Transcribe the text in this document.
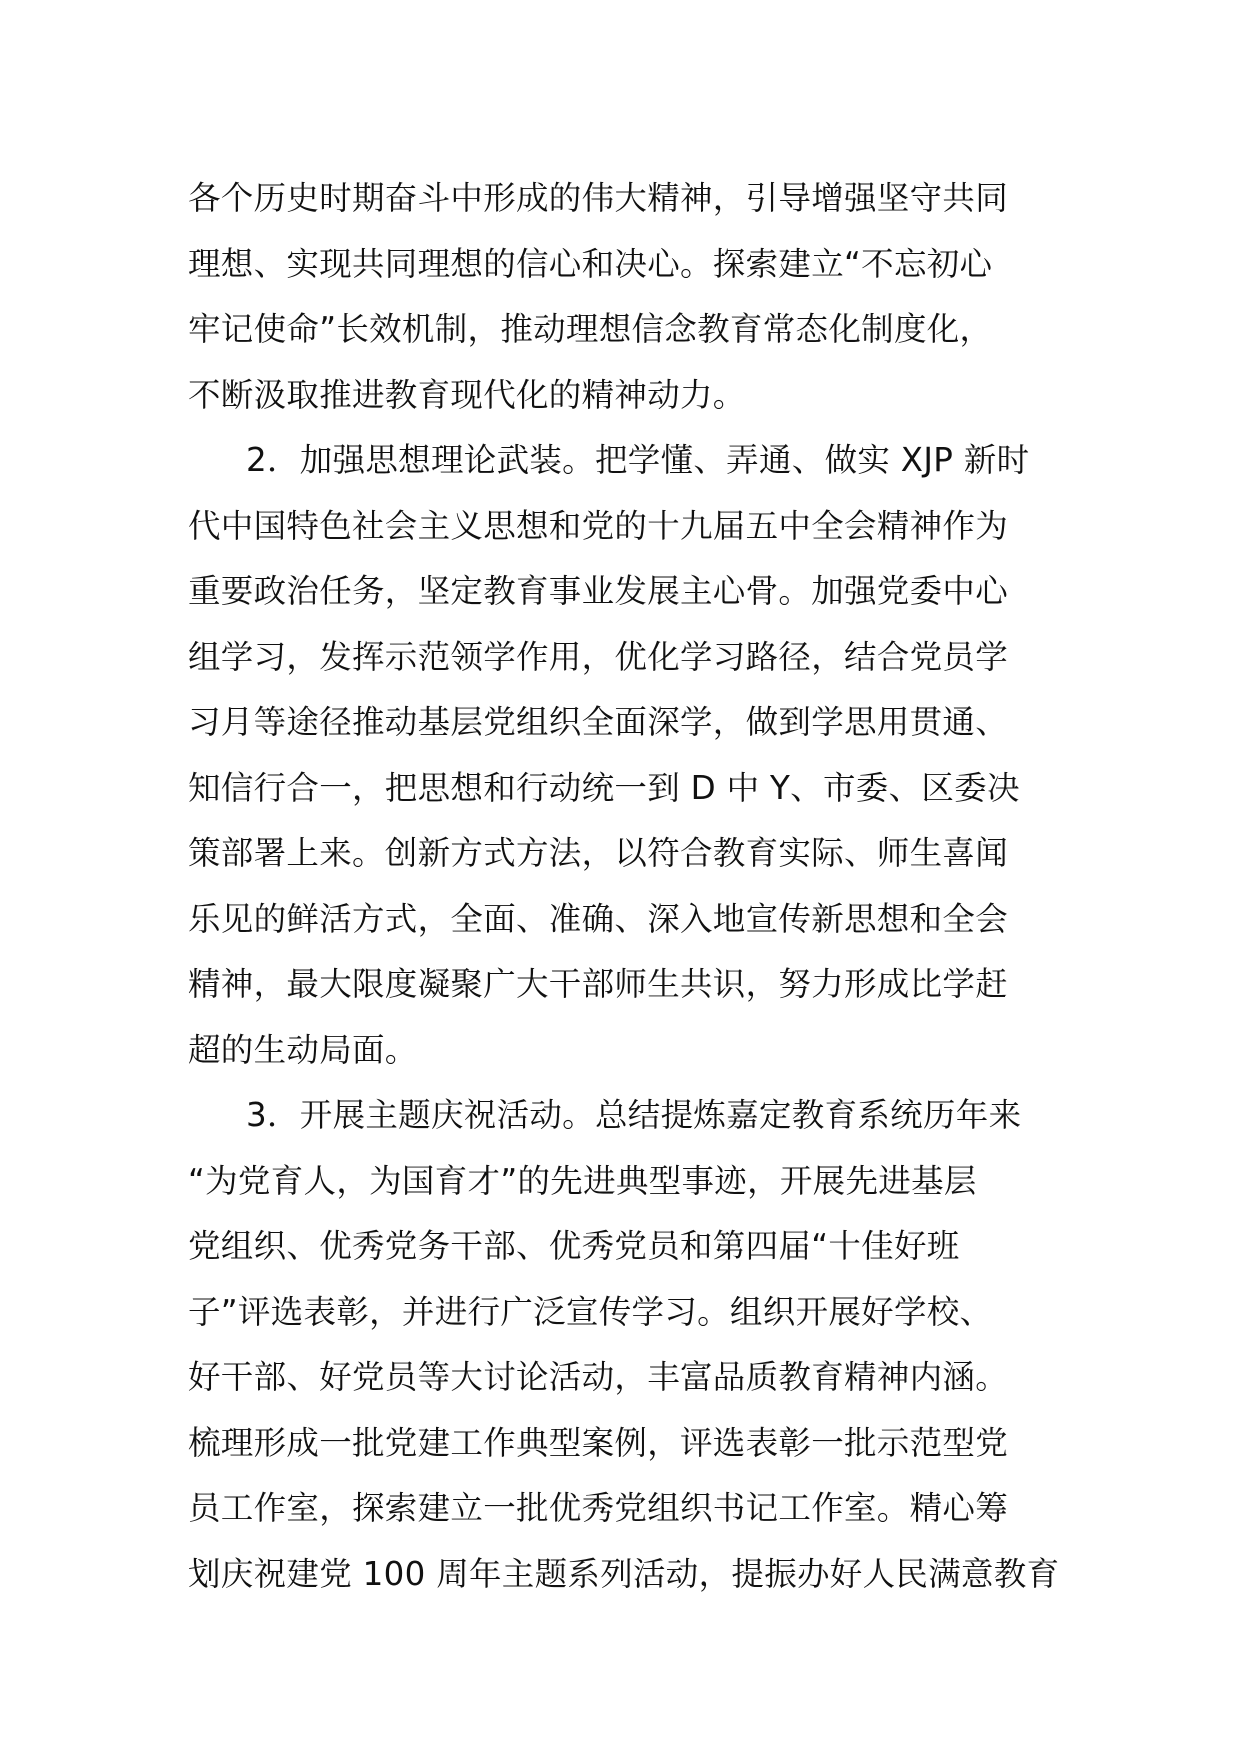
各个历史时期奋斗中形成的伟大精神，引导增强坚守共同
理想、实现共同理想的信心和决心。探索建立“不忘初心
牢记使命”长效机制，推动理想信念教育常态化制度化，
不断汲取推进教育现代化的精神动力。
2．加强思想理论武装。把学懂、弄通、做实 XJP 新时
代中国特色社会主义思想和党的十九届五中全会精神作为
重要政治任务，坚定教育事业发展主心骨。加强党委中心
组学习，发挥示范领学作用，优化学习路径，结合党员学
习月等途径推动基层党组织全面深学，做到学思用贯通、
知信行合一，把思想和行动统一到 D 中 Y、市委、区委决
策部署上来。创新方式方法，以符合教育实际、师生喜闻
乐见的鲜活方式，全面、准确、深入地宣传新思想和全会
精神，最大限度凝聚广大干部师生共识，努力形成比学赶
超的生动局面。
3．开展主题庆祝活动。总结提炼嘉定教育系统历年来
“为党育人，为国育才”的先进典型事迹，开展先进基层
党组织、优秀党务干部、优秀党员和第四届“十佳好班
子”评选表彰，并进行广泛宣传学习。组织开展好学校、
好干部、好党员等大讨论活动，丰富品质教育精神内涵。
梳理形成一批党建工作典型案例，评选表彰一批示范型党
员工作室，探索建立一批优秀党组织书记工作室。精心筹
划庆祝建党 100 周年主题系列活动，提振办好人民满意教育
